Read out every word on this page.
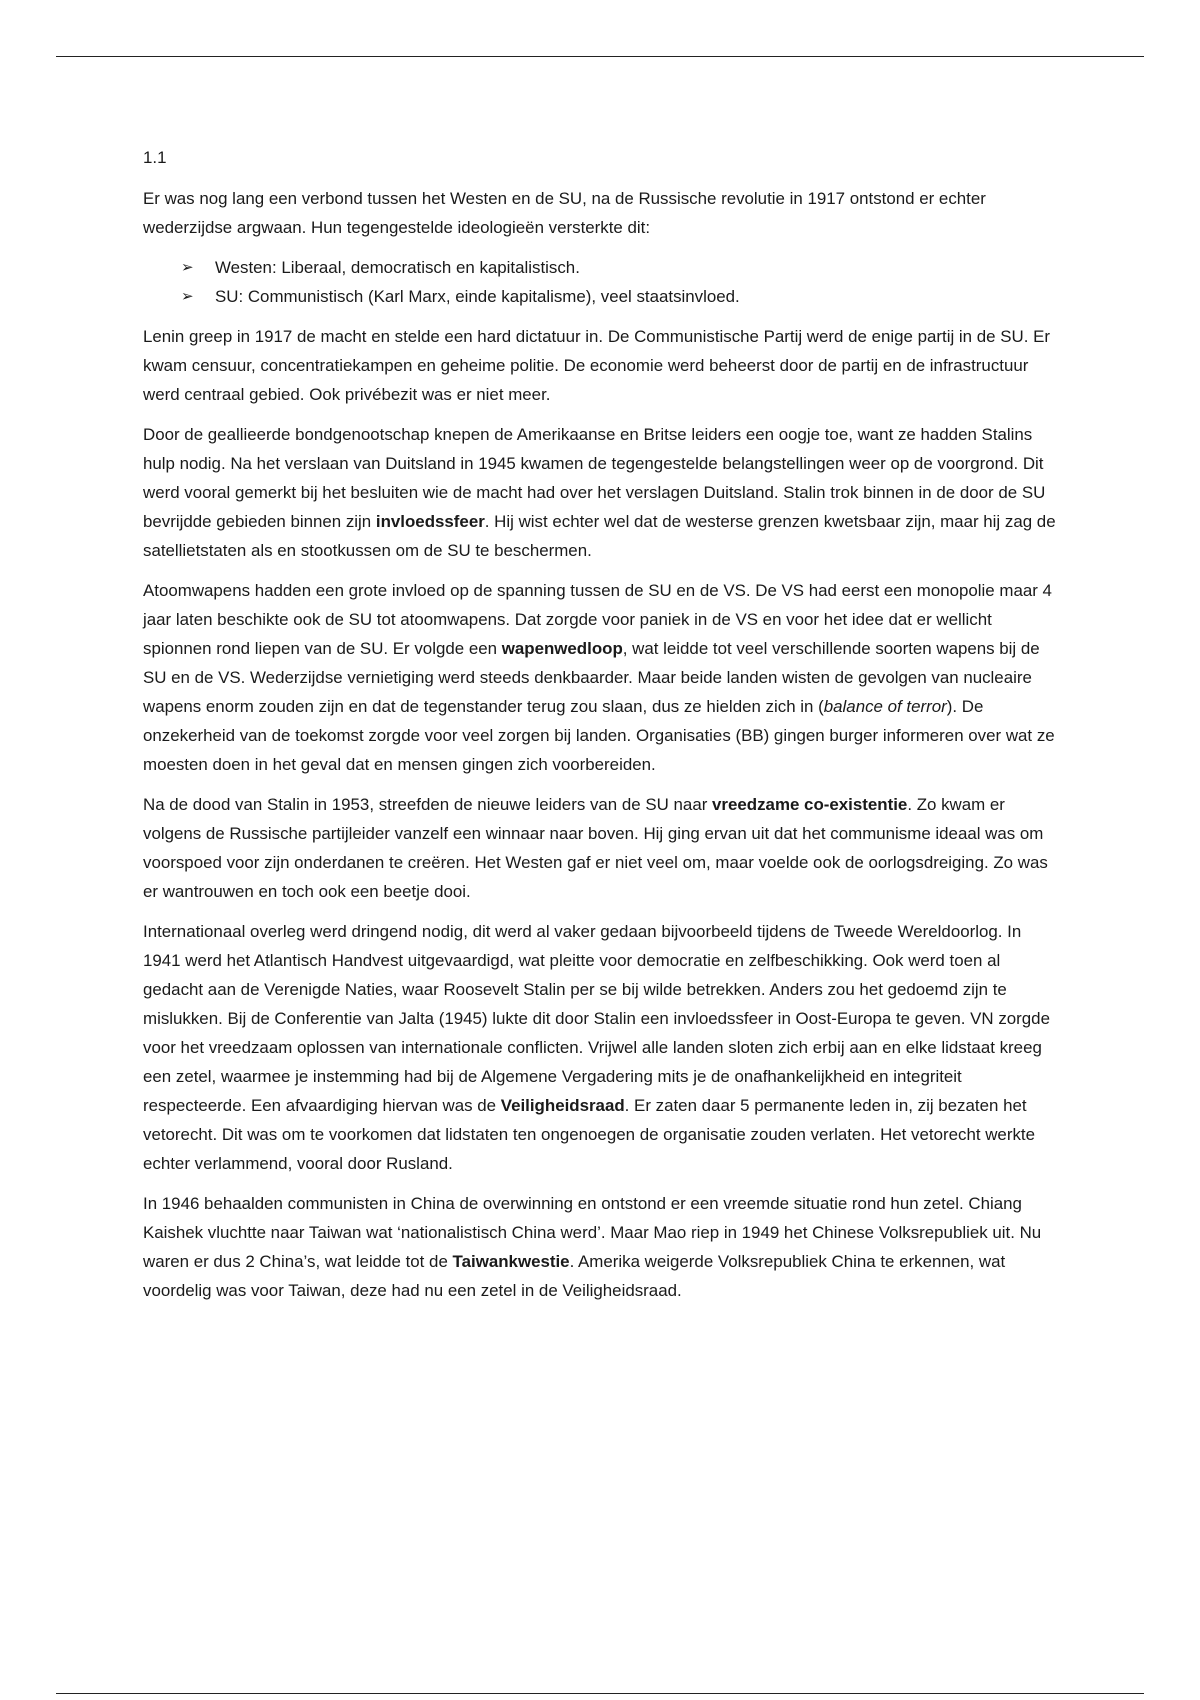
1.1

Er was nog lang een verbond tussen het Westen en de SU, na de Russische revolutie in 1917 ontstond er echter wederzijdse argwaan. Hun tegengestelde ideologieën versterkte dit:

➢ Westen: Liberaal, democratisch en kapitalistisch.
➢ SU: Communistisch (Karl Marx, einde kapitalisme), veel staatsinvloed.

Lenin greep in 1917 de macht en stelde een hard dictatuur in. De Communistische Partij werd de enige partij in de SU. Er kwam censuur, concentratiekampen en geheime politie. De economie werd beheerst door de partij en de infrastructuur werd centraal gebied. Ook privébezit was er niet meer.

Door de geallieerde bondgenootschap knepen de Amerikaanse en Britse leiders een oogje toe, want ze hadden Stalins hulp nodig. Na het verslaan van Duitsland in 1945 kwamen de tegengestelde belangstellingen weer op de voorgrond. Dit werd vooral gemerkt bij het besluiten wie de macht had over het verslagen Duitsland. Stalin trok binnen in de door de SU bevrijdde gebieden binnen zijn invloedssfeer. Hij wist echter wel dat de westerse grenzen kwetsbaar zijn, maar hij zag de satellietstaten als en stootkussen om de SU te beschermen.

Atoomwapens hadden een grote invloed op de spanning tussen de SU en de VS. De VS had eerst een monopolie maar 4 jaar laten beschikte ook de SU tot atoomwapens. Dat zorgde voor paniek in de VS en voor het idee dat er wellicht spionnen rond liepen van de SU. Er volgde een wapenwedloop, wat leidde tot veel verschillende soorten wapens bij de SU en de VS. Wederzijdse vernietiging werd steeds denkbaarder. Maar beide landen wisten de gevolgen van nucleaire wapens enorm zouden zijn en dat de tegenstander terug zou slaan, dus ze hielden zich in (balance of terror). De onzekerheid van de toekomst zorgde voor veel zorgen bij landen. Organisaties (BB) gingen burger informeren over wat ze moesten doen in het geval dat en mensen gingen zich voorbereiden.

Na de dood van Stalin in 1953, streefden de nieuwe leiders van de SU naar vreedzame co-existentie. Zo kwam er volgens de Russische partijleider vanzelf een winnaar naar boven. Hij ging ervan uit dat het communisme ideaal was om voorspoed voor zijn onderdanen te creëren. Het Westen gaf er niet veel om, maar voelde ook de oorlogsdreiging. Zo was er wantrouwen en toch ook een beetje dooi.

Internationaal overleg werd dringend nodig, dit werd al vaker gedaan bijvoorbeeld tijdens de Tweede Wereldoorlog. In 1941 werd het Atlantisch Handvest uitgevaardigd, wat pleitte voor democratie en zelfbeschikking. Ook werd toen al gedacht aan de Verenigde Naties, waar Roosevelt Stalin per se bij wilde betrekken. Anders zou het gedoemd zijn te mislukken. Bij de Conferentie van Jalta (1945) lukte dit door Stalin een invloedssfeer in Oost-Europa te geven. VN zorgde voor het vreedzaam oplossen van internationale conflicten. Vrijwel alle landen sloten zich erbij aan en elke lidstaat kreeg een zetel, waarmee je instemming had bij de Algemene Vergadering mits je de onafhankelijkheid en integriteit respecteerde. Een afvaardiging hiervan was de Veiligheidsraad. Er zaten daar 5 permanente leden in, zij bezaten het vetorecht. Dit was om te voorkomen dat lidstaten ten ongenoegen de organisatie zouden verlaten. Het vetorecht werkte echter verlammend, vooral door Rusland.

In 1946 behaalden communisten in China de overwinning en ontstond er een vreemde situatie rond hun zetel. Chiang Kaishek vluchtte naar Taiwan wat ‘nationalistisch China werd’. Maar Mao riep in 1949 het Chinese Volksrepubliek uit. Nu waren er dus 2 China’s, wat leidde tot de Taiwankwestie. Amerika weigerde Volksrepubliek China te erkennen, wat voordelig was voor Taiwan, deze had nu een zetel in de Veiligheidsraad.
